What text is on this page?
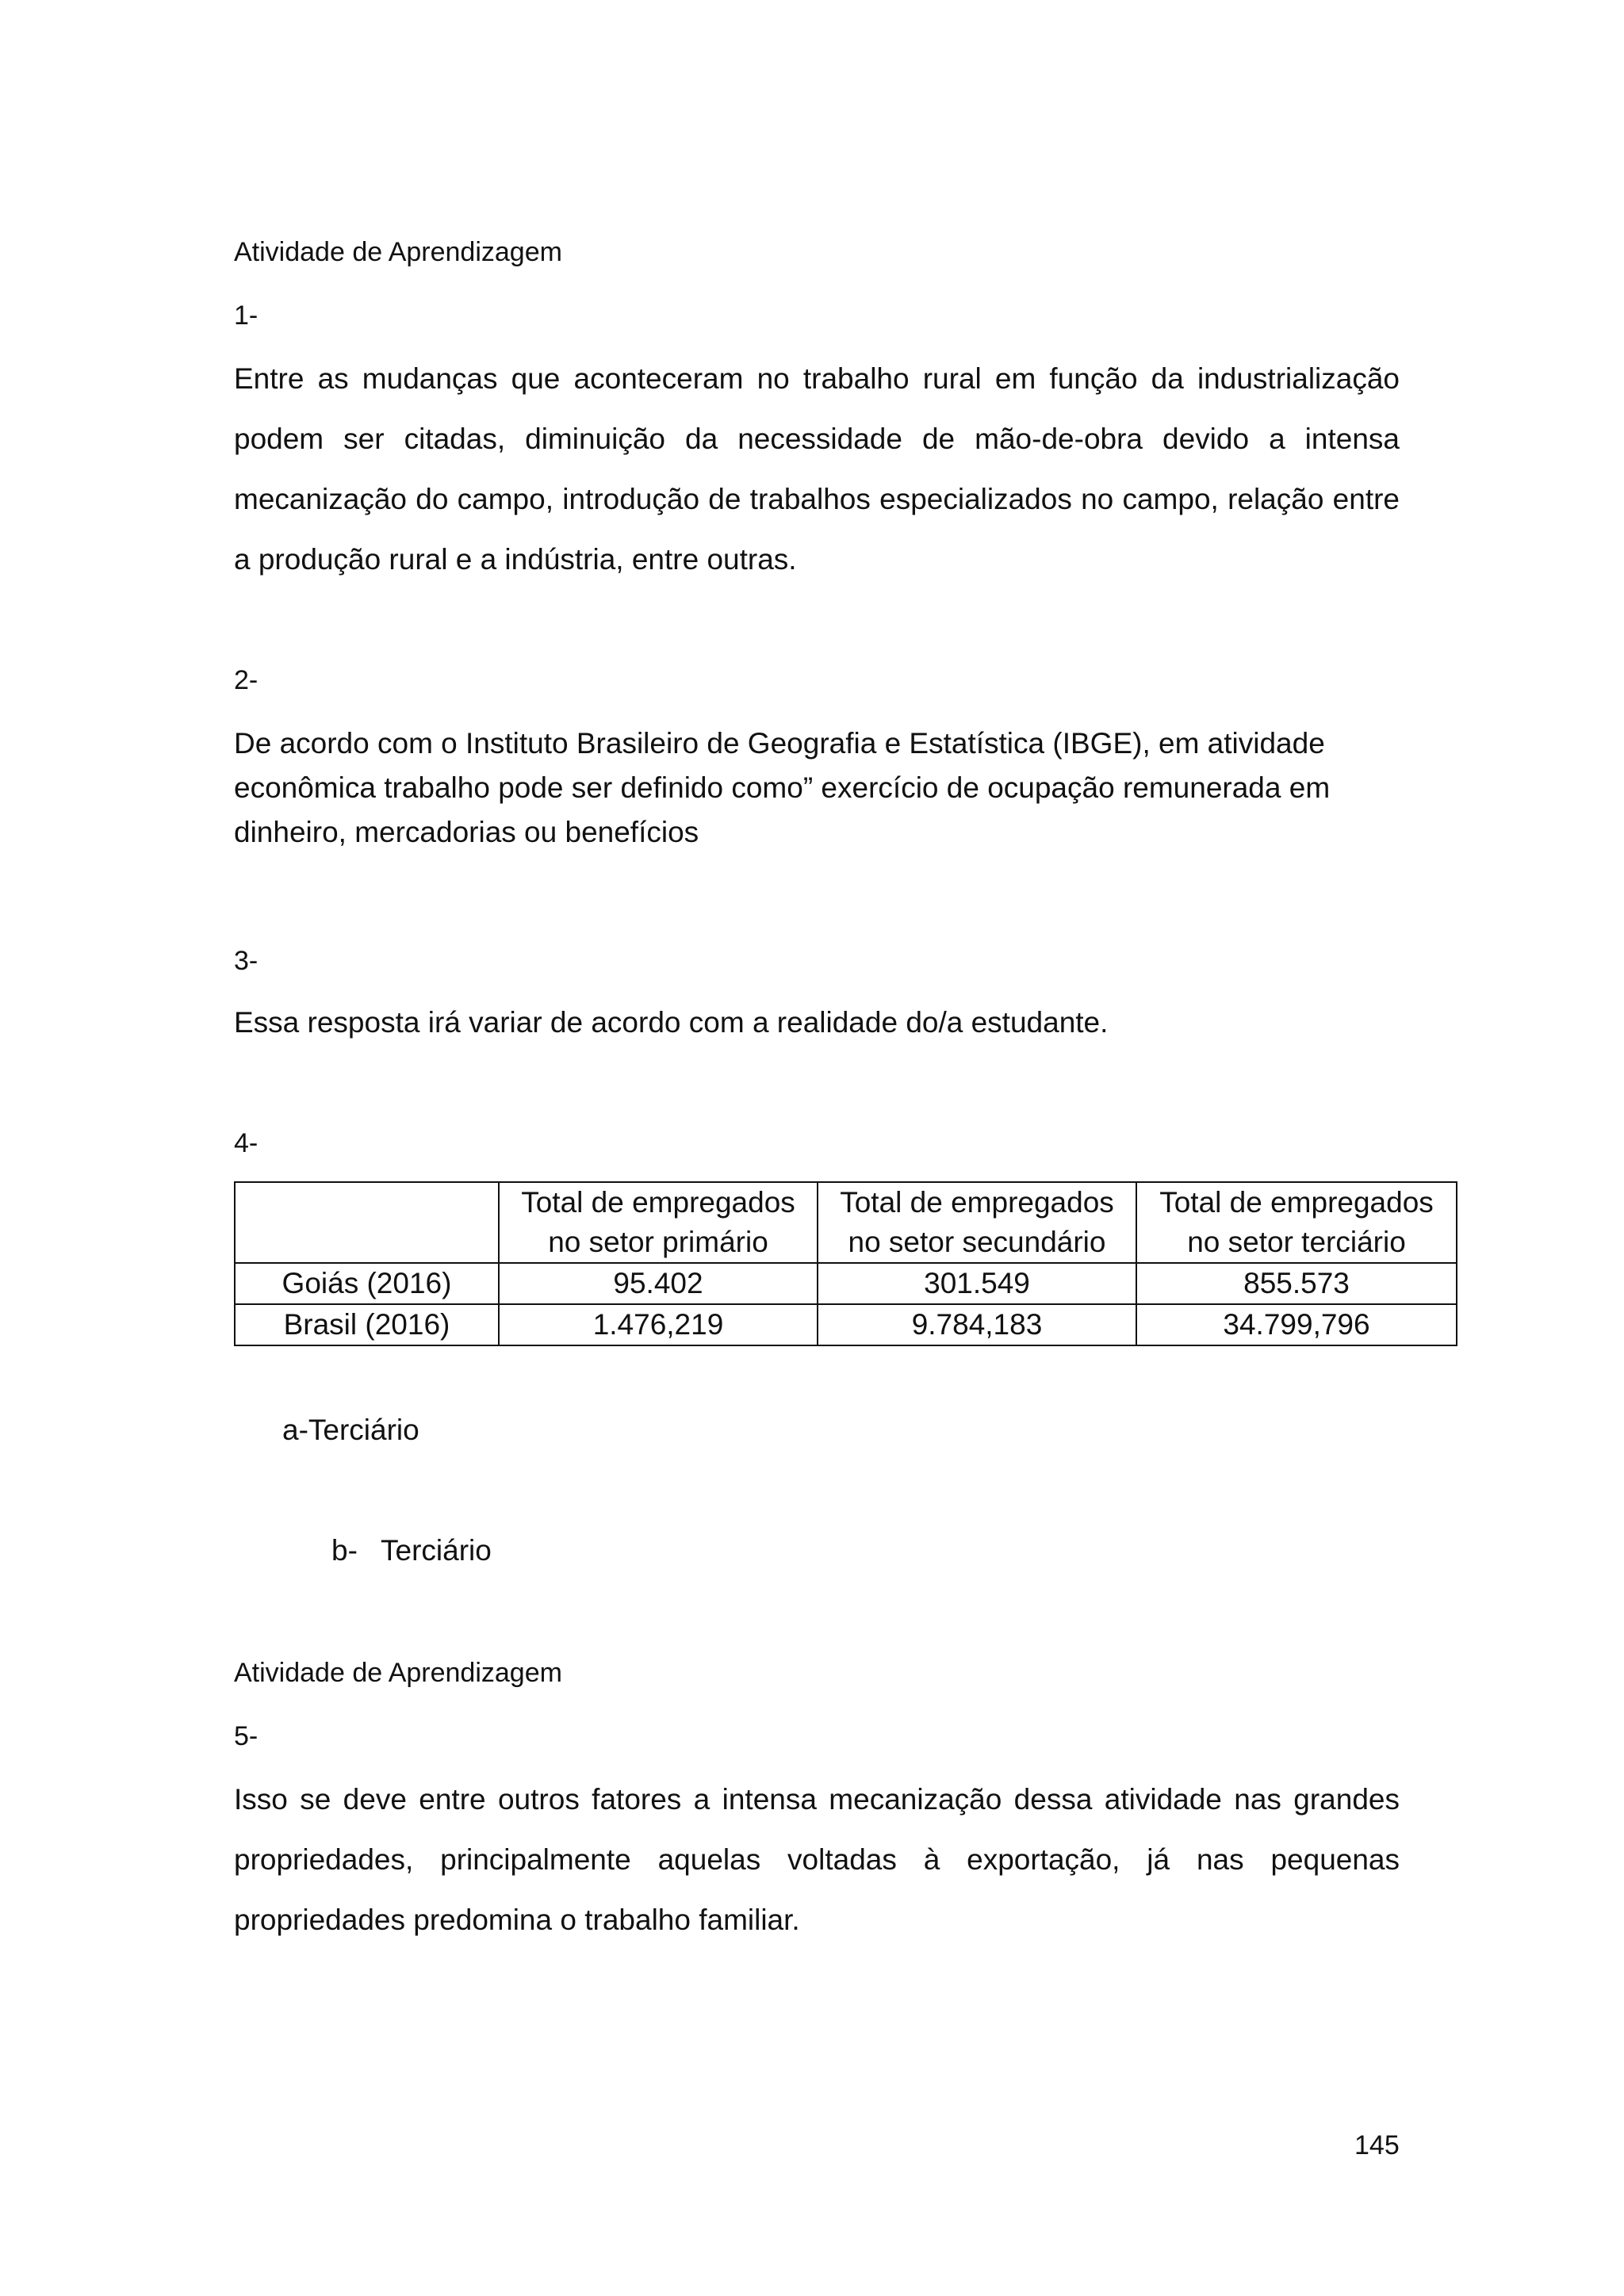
Atividade de Aprendizagem

1-

Entre as mudanças que aconteceram no trabalho rural em função da industrialização podem ser citadas, diminuição da necessidade de mão-de-obra devido a intensa mecanização do campo, introdução de trabalhos especializados no campo, relação entre a produção rural e a indústria, entre outras.

2-

De acordo com o Instituto Brasileiro de Geografia e Estatística (IBGE), em atividade econômica trabalho pode ser definido como” exercício de ocupação remunerada em dinheiro, mercadorias ou benefícios

3-

Essa resposta irá variar de acordo com a realidade do/a estudante.

4-

	Total de empregados no setor primário	Total de empregados no setor secundário	Total de empregados no setor terciário
Goiás (2016)	95.402	301.549	855.573
Brasil (2016)	1.476,219	9.784,183	34.799,796

a-Terciário

b- Terciário

Atividade de Aprendizagem

5-

Isso se deve entre outros fatores a intensa mecanização dessa atividade nas grandes propriedades, principalmente aquelas voltadas à exportação, já nas pequenas propriedades predomina o trabalho familiar.

145
